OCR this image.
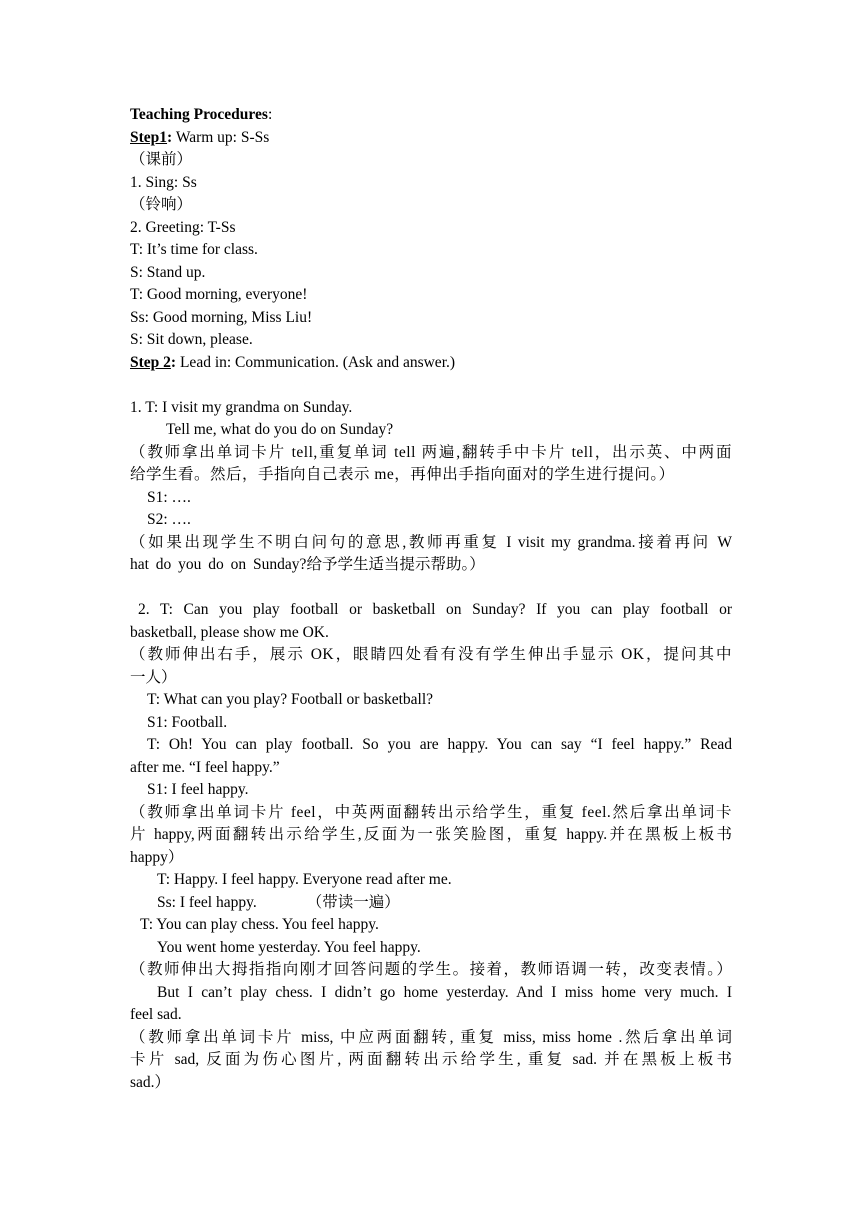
Teaching Procedures:
Step1: Warm up: S-Ss
（课前）
1. Sing: Ss
（铃响）
2. Greeting: T-Ss
T: It’s time for class.
S: Stand up.
T: Good morning, everyone!
Ss: Good morning, Miss Liu!
S: Sit down, please.
Step 2: Lead in: Communication. (Ask and answer.)
1. T: I visit my grandma on Sunday.
Tell me, what do you do on Sunday?
（教师拿出单词卡片 tell,重复单词 tell 两遍,翻转手中卡片 tell，出示英、中两面
给学生看。然后，手指向自己表示 me，再伸出手指向面对的学生进行提问。）
S1: ….
S2: ….
（如果出现学生不明白问句的意思,教师再重复 I visit my grandma.接着再问 W
hat do you do on Sunday?给予学生适当提示帮助。）
2. T: Can you play football or basketball on Sunday? If you can play football or
basketball, please show me OK.
（教师伸出右手，展示 OK，眼睛四处看有没有学生伸出手显示 OK，提问其中
一人）
T: What can you play? Football or basketball?
S1: Football.
T: Oh! You can play football. So you are happy. You can say “I feel happy.” Read
after me. “I feel happy.”
S1: I feel happy.
（教师拿出单词卡片 feel，中英两面翻转出示给学生，重复 feel.然后拿出单词卡
片 happy,两面翻转出示给学生,反面为一张笑脸图，重复 happy.并在黑板上板书
happy）
T: Happy. I feel happy. Everyone read after me.
Ss: I feel happy.	（带读一遍）
T: You can play chess. You feel happy.
You went home yesterday. You feel happy.
（教师伸出大拇指指向刚才回答问题的学生。接着，教师语调一转，改变表情。）
But I can’t play chess. I didn’t go home yesterday. And I miss home very much. I
feel sad.
（教师拿出单词卡片 miss, 中应两面翻转, 重复 miss, miss home .然后拿出单词
卡片 sad, 反面为伤心图片, 两面翻转出示给学生, 重复 sad. 并在黑板上板书
sad.）
